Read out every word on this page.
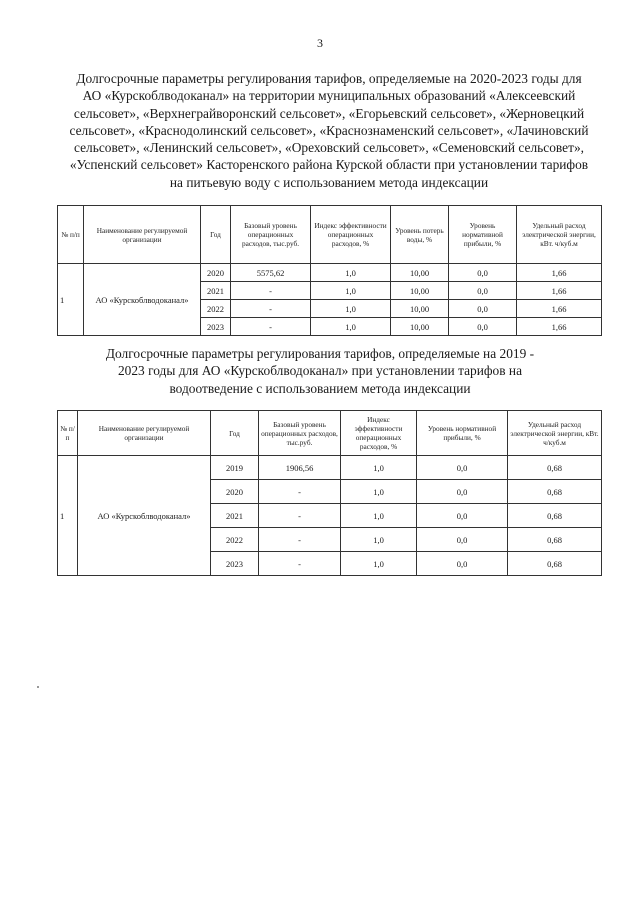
3
Долгосрочные параметры регулирования тарифов, определяемые на 2020-2023 годы для АО «Курскоблводоканал» на территории муниципальных образований «Алексеевский сельсовет», «Верхнеграйворонский сельсовет», «Егорьевский сельсовет», «Жерновецкий сельсовет», «Краснодолинский сельсовет», «Краснознаменский сельсовет», «Лачиновский сельсовет», «Ленинский сельсовет», «Ореховский сельсовет», «Семеновский сельсовет», «Успенский сельсовет» Касторенского района Курской области при установлении тарифов на питьевую воду с использованием метода индексации
№ п/п	Наименование регулируемой организации	Год	Базовый уровень операционных расходов, тыс.руб.	Индекс эффективности операционных расходов, %	Уровень потерь воды, %	Уровень нормативной прибыли, %	Удельный расход электрической энергии, кВт. ч/куб.м
1	АО «Курскоблводоканал»	2020	5575,62	1,0	10,00	0,0	1,66
		2021	-	1,0	10,00	0,0	1,66
		2022	-	1,0	10,00	0,0	1,66
		2023	-	1,0	10,00	0,0	1,66
Долгосрочные параметры регулирования тарифов, определяемые на 2019 - 2023 годы для АО «Курскоблводоканал» при установлении тарифов на водоотведение с использованием метода индексации
№ п/ п	Наименование регулируемой организации	Год	Базовый уровень операционных расходов, тыс.руб.	Индекс эффективности операционных расходов, %	Уровень нормативной прибыли, %	Удельный расход электрической энергии, кВт. ч/куб.м
1	АО «Курскоблводоканал»	2019	1906,56	1,0	0,0	0,68
		2020	-	1,0	0,0	0,68
		2021	-	1,0	0,0	0,68
		2022	-	1,0	0,0	0,68
		2023	-	1,0	0,0	0,68
